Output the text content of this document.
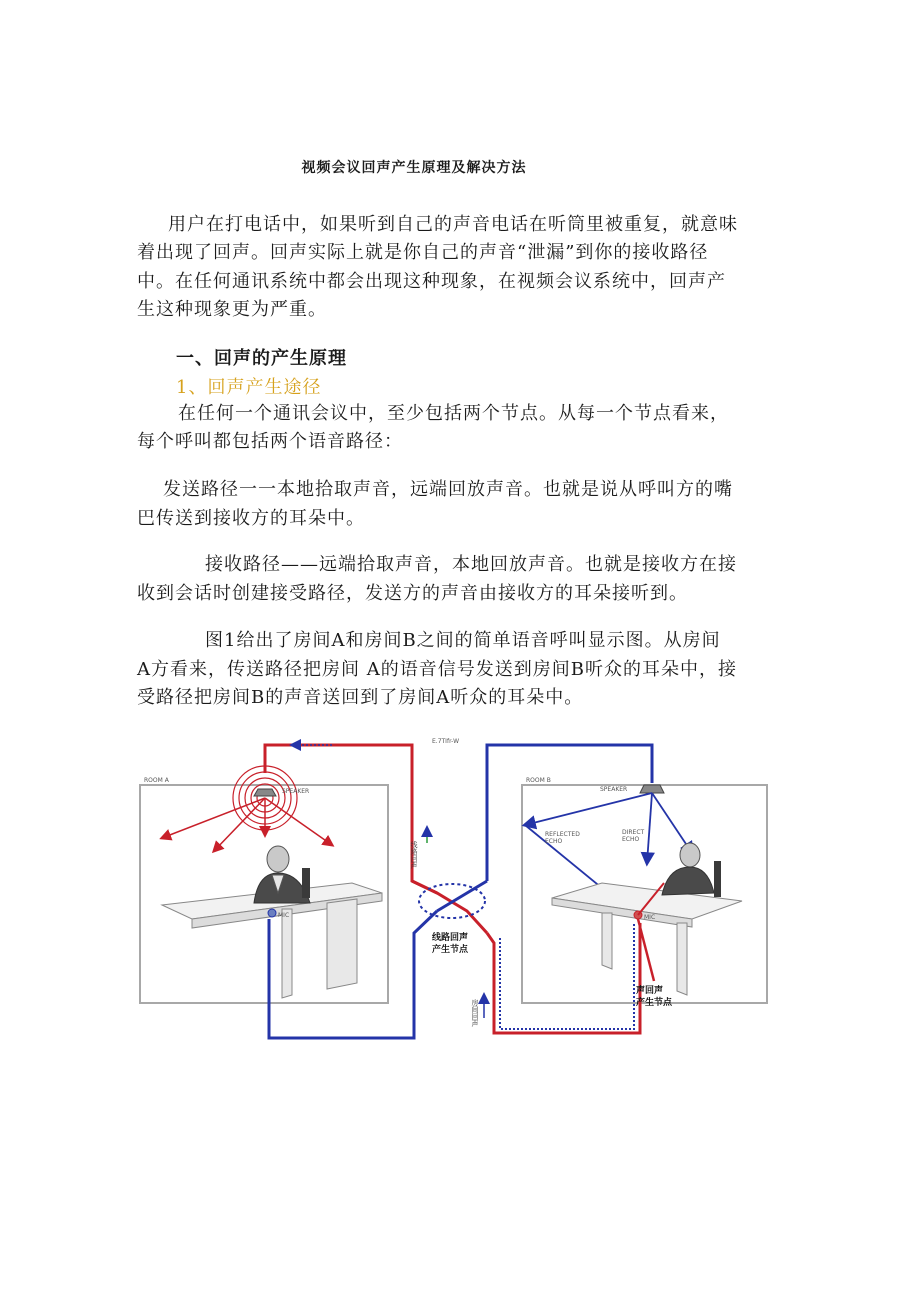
视频会议回声产生原理及解决方法
用户在打电话中，如果听到自己的声音电话在听筒里被重复，就意味
着出现了回声。回声实际上就是你自己的声音“泄漏”到你的接收路径
中。在任何通讯系统中都会出现这种现象，在视频会议系统中，回声产
生这种现象更为严重。
一、回声的产生原理
1、回声产生途径
在任何一个通讯会议中，至少包括两个节点。从每一个节点看来，
每个呼叫都包括两个语音路径：
发送路径一一本地拾取声音，远端回放声音。也就是说从呼叫方的嘴
巴传送到接收方的耳朵中。
接收路径——远端拾取声音，本地回放声音。也就是接收方在接
收到会话时创建接受路径，发送方的声音由接收方的耳朵接听到。
图1给出了房间A和房间B之间的简单语音呼叫显示图。从房间
A方看来，传送路径把房间 A的语音信号发送到房间B听众的耳朵中，接
受路径把房间B的声音送回到了房间A听众的耳朵中。
ROOM A	ROOM B
E.7TIfr-W
MIC
SPEAKER
线路回声
线路回声
产生节点
房间回声
SPEAKER
REFLECTED
ECHO
DIRECT
ECHO
MIC
声回声
产生节点
